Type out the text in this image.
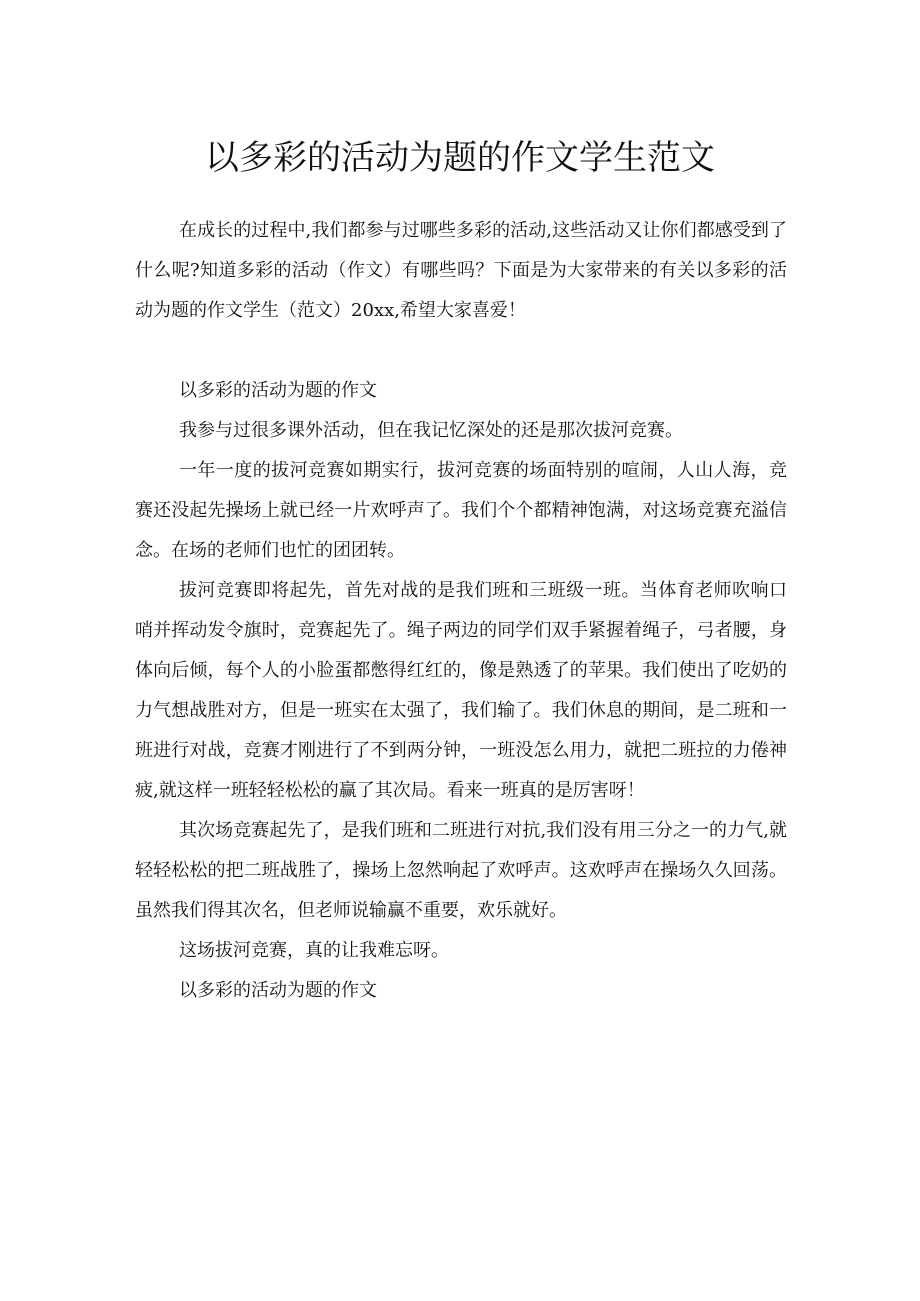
以多彩的活动为题的作文学生范文

在成长的过程中,我们都参与过哪些多彩的活动,这些活动又让你们都感受到了什么呢?知道多彩的活动（作文）有哪些吗？下面是为大家带来的有关以多彩的活动为题的作文学生（范文）20xx,希望大家喜爱！

以多彩的活动为题的作文

我参与过很多课外活动，但在我记忆深处的还是那次拔河竞赛。

一年一度的拔河竞赛如期实行，拔河竞赛的场面特别的喧闹，人山人海，竞赛还没起先操场上就已经一片欢呼声了。我们个个都精神饱满，对这场竞赛充溢信念。在场的老师们也忙的团团转。

拔河竞赛即将起先，首先对战的是我们班和三班级一班。当体育老师吹响口哨并挥动发令旗时，竞赛起先了。绳子两边的同学们双手紧握着绳子，弓者腰，身体向后倾，每个人的小脸蛋都憋得红红的，像是熟透了的苹果。我们使出了吃奶的力气想战胜对方，但是一班实在太强了，我们输了。我们休息的期间，是二班和一班进行对战，竞赛才刚进行了不到两分钟，一班没怎么用力，就把二班拉的力倦神疲,就这样一班轻轻松松的赢了其次局。看来一班真的是厉害呀！

其次场竞赛起先了，是我们班和二班进行对抗,我们没有用三分之一的力气,就轻轻松松的把二班战胜了，操场上忽然响起了欢呼声。这欢呼声在操场久久回荡。虽然我们得其次名，但老师说输赢不重要，欢乐就好。

这场拔河竞赛，真的让我难忘呀。

以多彩的活动为题的作文
